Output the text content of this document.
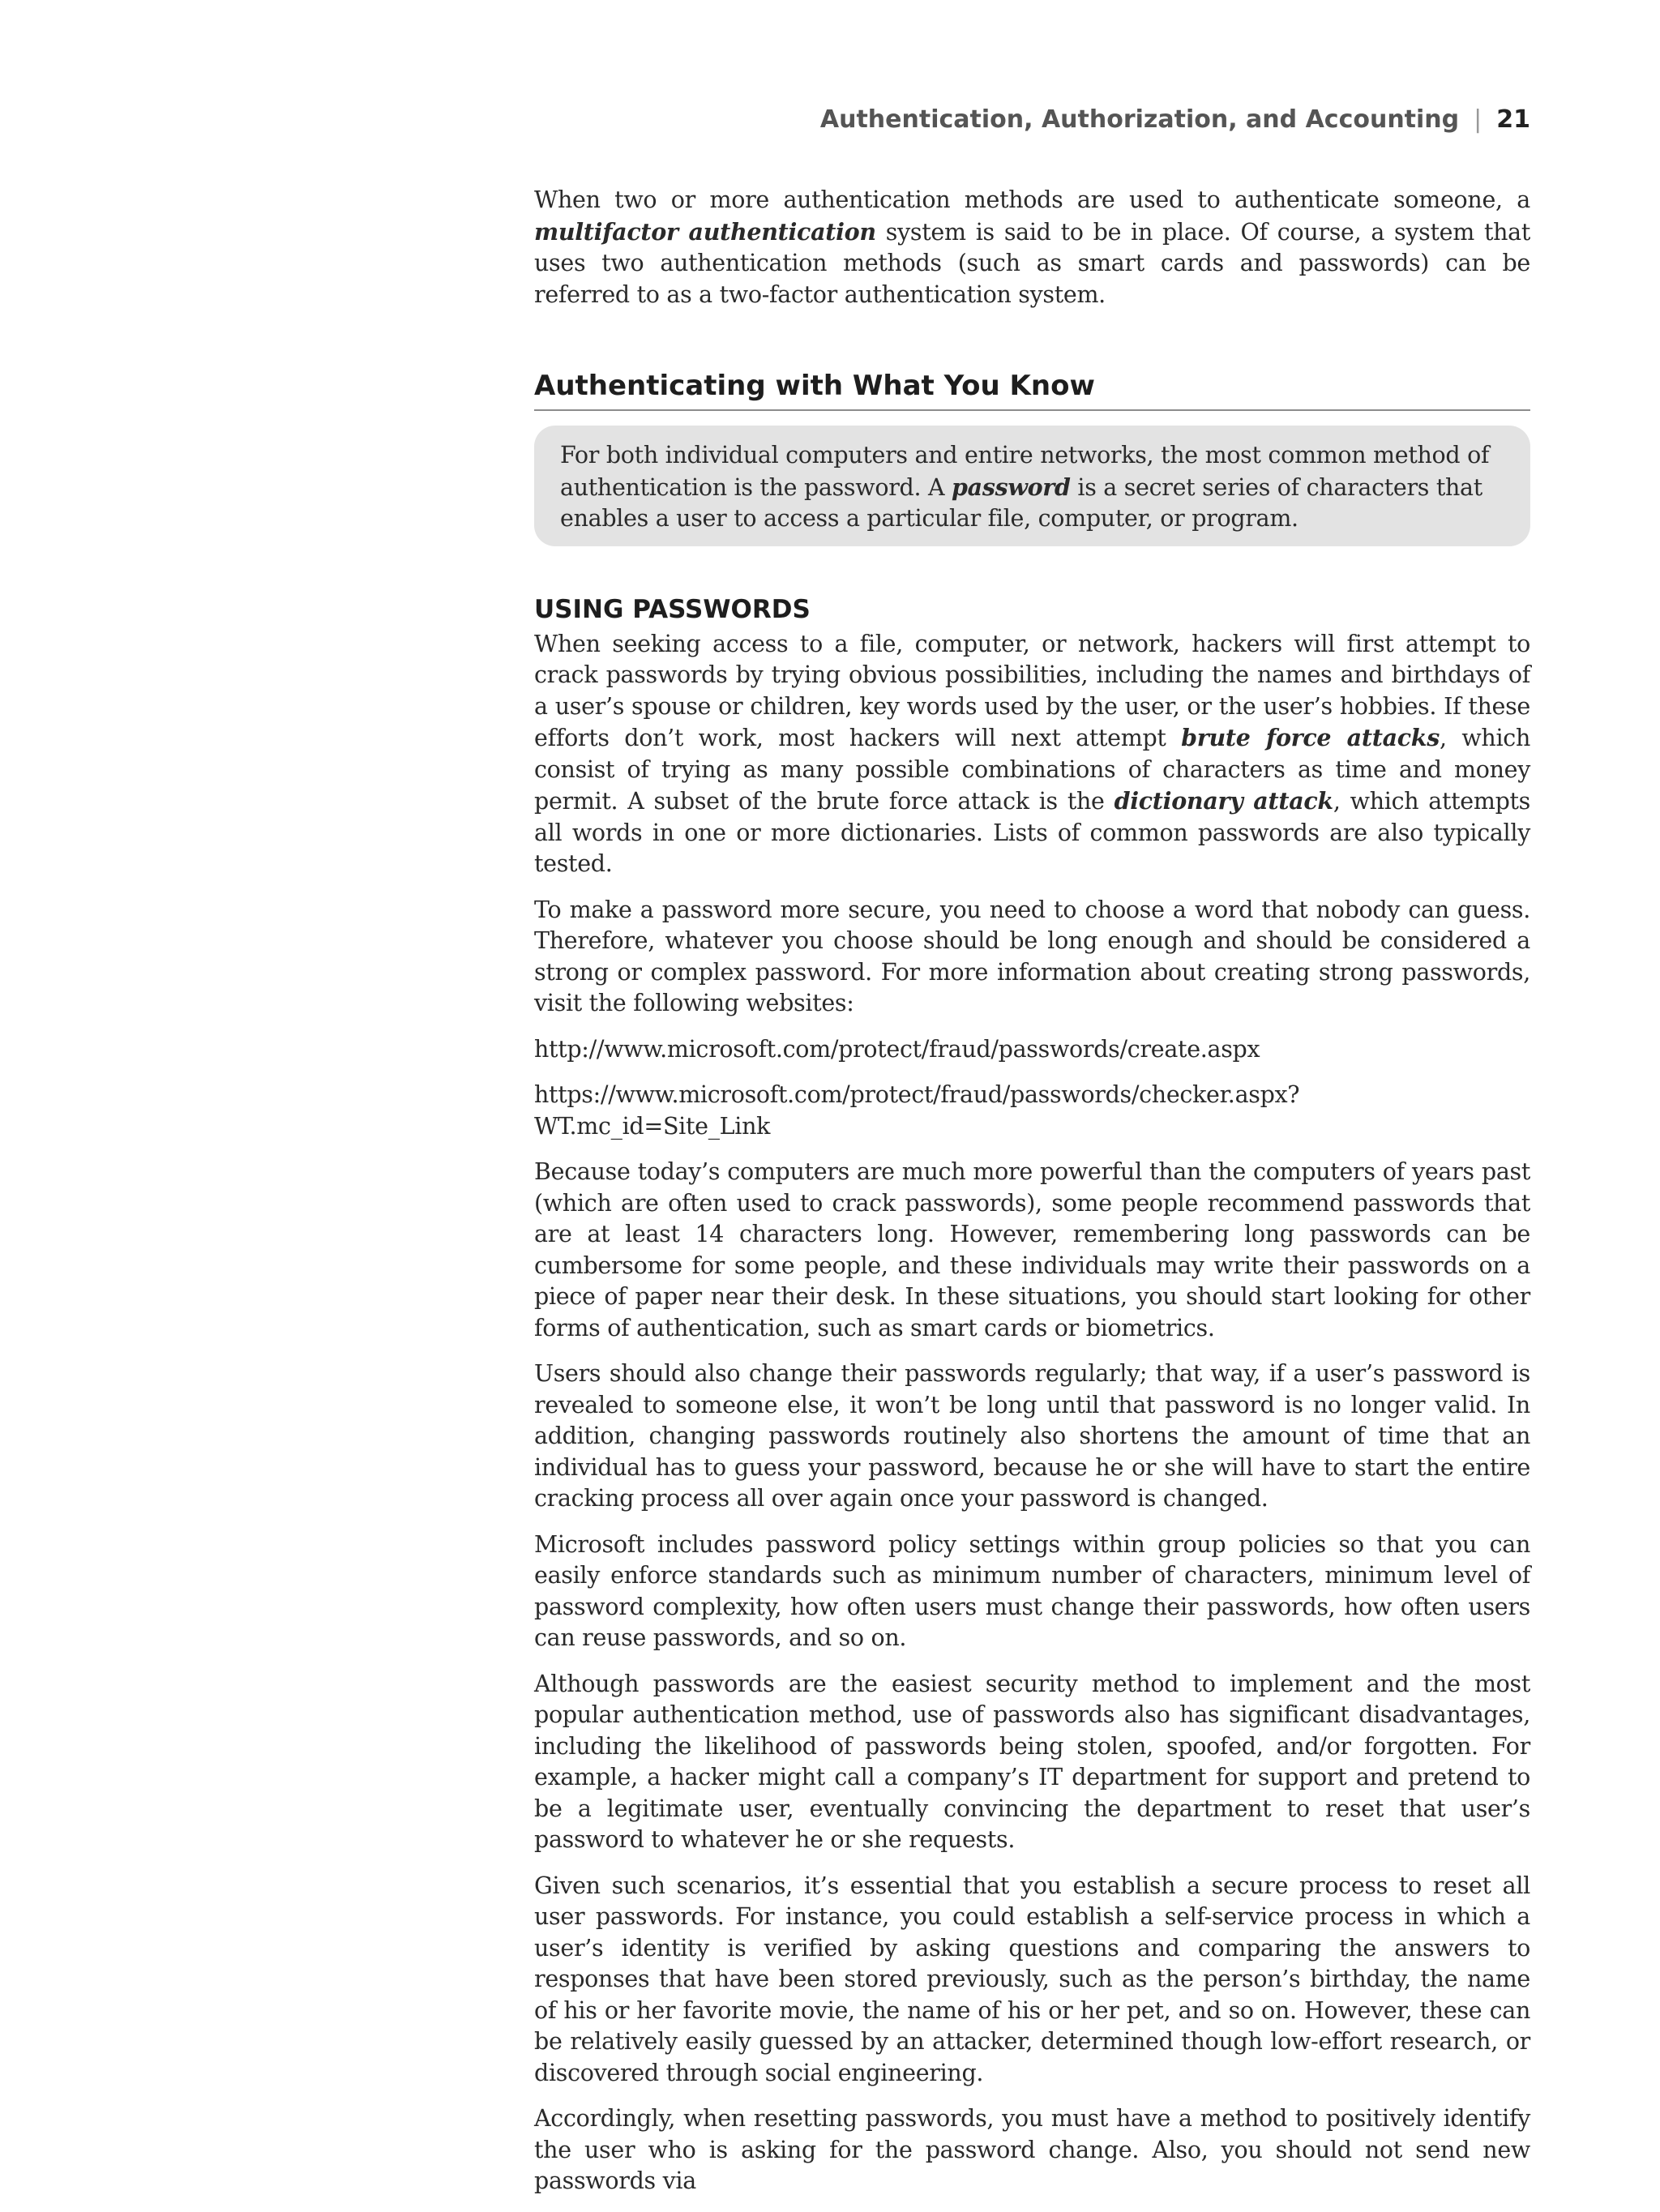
Authentication, Authorization, and Accounting | 21

When two or more authentication methods are used to authenticate someone, a multifactor authentication system is said to be in place. Of course, a system that uses two authentication methods (such as smart cards and passwords) can be referred to as a two-factor authentication system.

Authenticating with What You Know

For both individual computers and entire networks, the most common method of authentication is the password. A password is a secret series of characters that enables a user to access a particular file, computer, or program.

USING PASSWORDS

When seeking access to a file, computer, or network, hackers will first attempt to crack passwords by trying obvious possibilities, including the names and birthdays of a user’s spouse or children, key words used by the user, or the user’s hobbies. If these efforts don’t work, most hackers will next attempt brute force attacks, which consist of trying as many possible combinations of characters as time and money permit. A subset of the brute force attack is the dictionary attack, which attempts all words in one or more dictionaries. Lists of common passwords are also typically tested.

To make a password more secure, you need to choose a word that nobody can guess. Therefore, whatever you choose should be long enough and should be considered a strong or complex password. For more information about creating strong passwords, visit the following websites:

http://www.microsoft.com/protect/fraud/passwords/create.aspx

https://www.microsoft.com/protect/fraud/passwords/checker.aspx?WT.mc_id=Site_Link

Because today’s computers are much more powerful than the computers of years past (which are often used to crack passwords), some people recommend passwords that are at least 14 characters long. However, remembering long passwords can be cumbersome for some people, and these individuals may write their passwords on a piece of paper near their desk. In these situations, you should start looking for other forms of authentication, such as smart cards or biometrics.

Users should also change their passwords regularly; that way, if a user’s password is revealed to someone else, it won’t be long until that password is no longer valid. In addition, changing passwords routinely also shortens the amount of time that an individual has to guess your password, because he or she will have to start the entire cracking process all over again once your password is changed.

Microsoft includes password policy settings within group policies so that you can easily enforce standards such as minimum number of characters, minimum level of password complexity, how often users must change their passwords, how often users can reuse passwords, and so on.

Although passwords are the easiest security method to implement and the most popular authentication method, use of passwords also has significant disadvantages, including the likelihood of passwords being stolen, spoofed, and/or forgotten. For example, a hacker might call a company’s IT department for support and pretend to be a legitimate user, eventually convincing the department to reset that user’s password to whatever he or she requests.

Given such scenarios, it’s essential that you establish a secure process to reset all user passwords. For instance, you could establish a self-service process in which a user’s identity is verified by asking questions and comparing the answers to responses that have been stored previously, such as the person’s birthday, the name of his or her favorite movie, the name of his or her pet, and so on. However, these can be relatively easily guessed by an attacker, determined though low-effort research, or discovered through social engineering.

Accordingly, when resetting passwords, you must have a method to positively identify the user who is asking for the password change. Also, you should not send new passwords via
